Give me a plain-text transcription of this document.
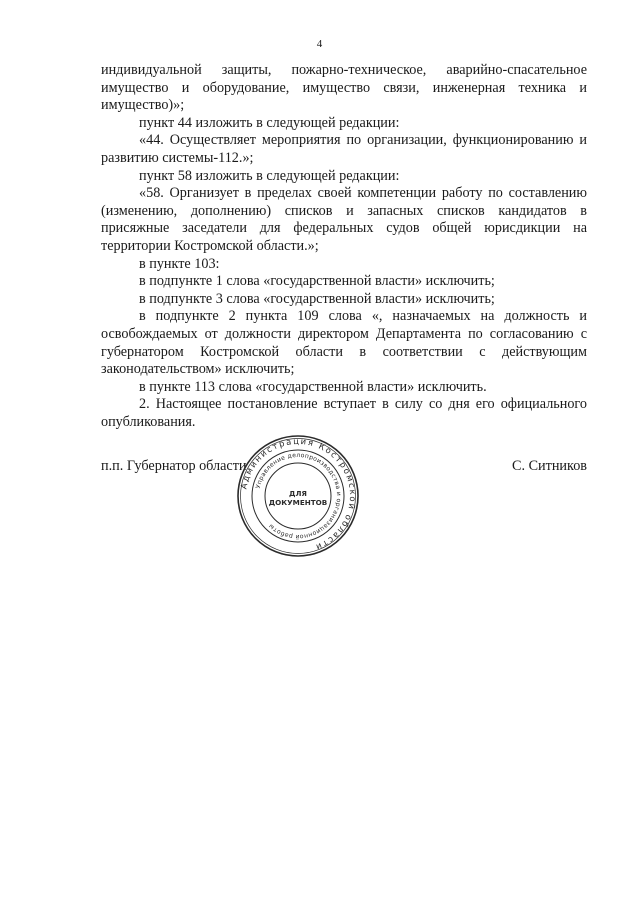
4

индивидуальной защиты, пожарно-техническое, аварийно-спасательное имущество и оборудование, имущество связи, инженерная техника и имущество)»;

пункт 44 изложить в следующей редакции:

«44. Осуществляет мероприятия по организации, функционированию и развитию системы-112.»;

пункт 58 изложить в следующей редакции:

«58. Организует в пределах своей компетенции работу по составлению (изменению, дополнению) списков и запасных списков кандидатов в присяжные заседатели для федеральных судов общей юрисдикции на территории Костромской области.»;

в пункте 103:

в подпункте 1 слова «государственной власти» исключить;

в подпункте 3 слова «государственной власти» исключить;

в подпункте 2 пункта 109 слова «, назначаемых на должность и освобождаемых от должности директором Департамента по согласованию с губернатором Костромской области в соответствии с действующим законодательством» исключить;

в пункте 113 слова «государственной власти» исключить.

2. Настоящее постановление вступает в силу со дня его официального опубликования.

п.п. Губернатор области	С. Ситников
Администрация Костромской области
Управление делопроизводства и организационной работы
ДЛЯ
ДОКУМЕНТОВ
